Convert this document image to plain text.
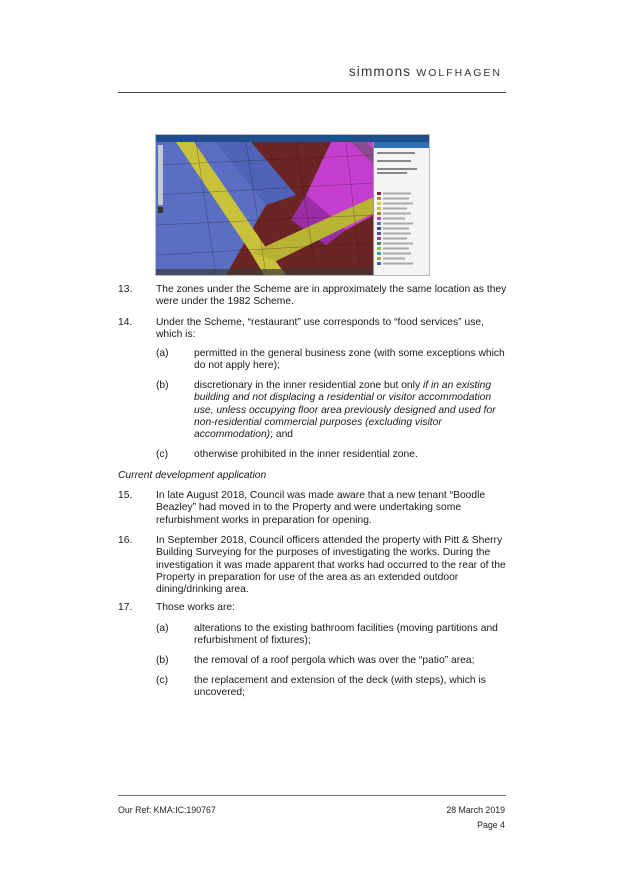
simmons WOLFHAGEN
13. The zones under the Scheme are in approximately the same location as they were under the 1982 Scheme.
14. Under the Scheme, “restaurant” use corresponds to “food services” use, which is:
(a) permitted in the general business zone (with some exceptions which do not apply here);
(b) discretionary in the inner residential zone but only if in an existing building and not displacing a residential or visitor accommodation use, unless occupying floor area previously designed and used for non-residential commercial purposes (excluding visitor accommodation); and
(c)	otherwise prohibited in the inner residential zone.
Current development application
15. In late August 2018, Council was made aware that a new tenant “Boodle Beazley” had moved in to the Property and were undertaking some refurbishment works in preparation for opening.
16. In September 2018, Council officers attended the property with Pitt & Sherry Building Surveying for the purposes of investigating the works. During the investigation it was made apparent that works had occurred to the rear of the Property in preparation for use of the area as an extended outdoor dining/drinking area.
17. Those works are:
(a) alterations to the existing bathroom facilities (moving partitions and refurbishment of fixtures);
(b) the removal of a roof pergola which was over the “patio” area;
(c)	the replacement and extension of the deck (with steps), which is uncovered;
Our Ref: KMA:IC:190767	28 March 2019
Page 4
